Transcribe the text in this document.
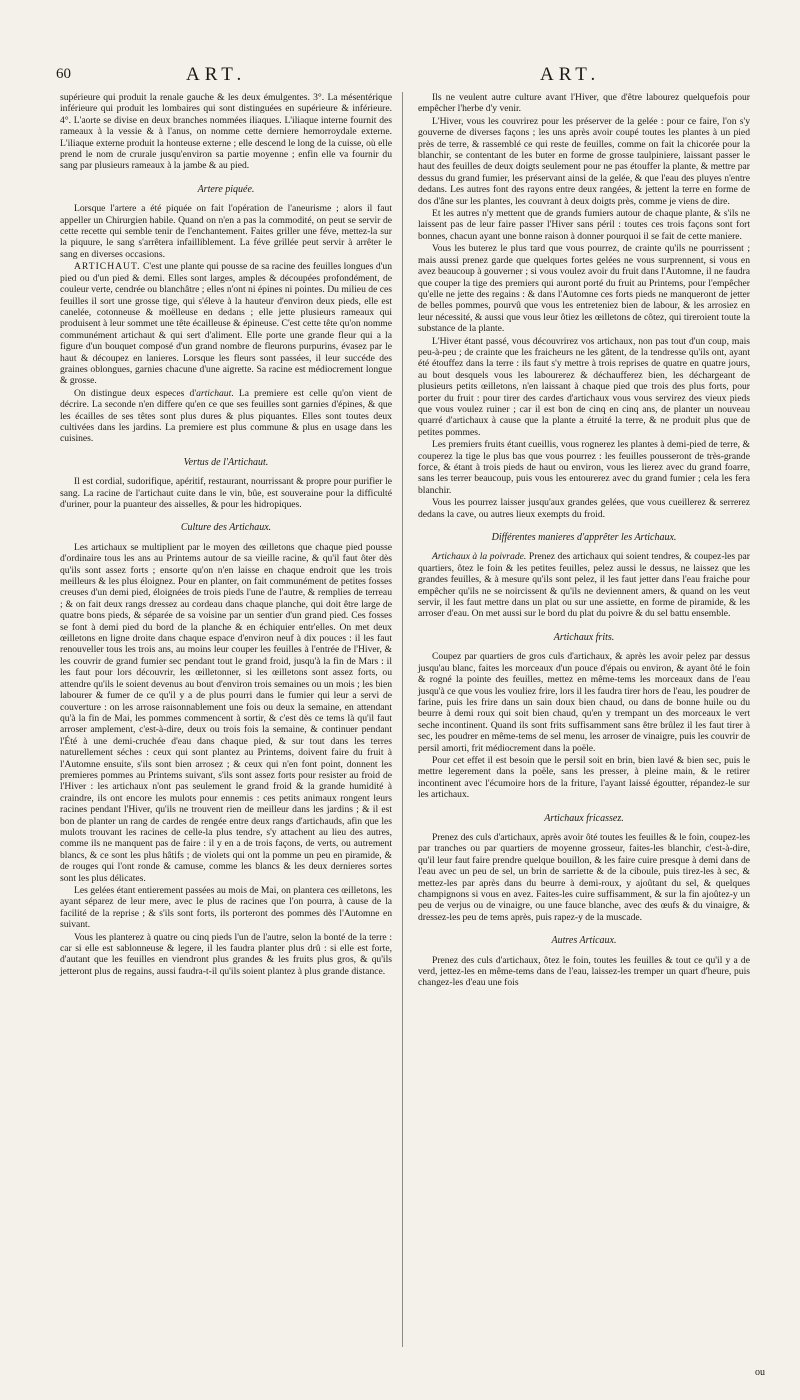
60	ART.	ART.

supérieure qui produit la renale gauche & les deux émulgentes. 3°. La mésentérique inférieure qui produit les lombaires qui sont distinguées en supérieure & inférieure. 4°. L'aorte se divise en deux branches nommées iliaques. L'iliaque interne fournit des rameaux à la vessie & à l'anus, on nomme cette derniere hemorroydale externe. L'iliaque externe produit la honteuse externe ; elle descend le long de la cuisse, où elle prend le nom de crurale jusqu'environ sa partie moyenne ; enfin elle va fournir du sang par plusieurs rameaux à la jambe & au pied.

Artere piquée.

Lorsque l'artere a été piquée on fait l'opération de l'aneurisme ; alors il faut appeller un Chirurgien habile. Quand on n'en a pas la commodité, on peut se servir de cette recette qui semble tenir de l'enchantement. Faites griller une féve, mettez-la sur la piquure, le sang s'arrêtera infailliblement. La féve grillée peut servir à arrêter le sang en diverses occasions.

ARTICHAUT. C'est une plante qui pousse de sa racine des feuilles longues d'un pied ou d'un pied & demi. Elles sont larges, amples & découpées profondément, de couleur verte, cendrée ou blanchâtre ; elles n'ont ni épines ni pointes. Du milieu de ces feuilles il sort une grosse tige, qui s'éleve à la hauteur d'environ deux pieds, elle est canelée, cotonneuse & moëlleuse en dedans ; elle jette plusieurs rameaux qui produisent à leur sommet une tête écailleuse & épineuse. C'est cette tête qu'on nomme communément artichaut & qui sert d'aliment. Elle porte une grande fleur qui a la figure d'un bouquet composé d'un grand nombre de fleurons purpurins, évasez par le haut & découpez en lanieres. Lorsque les fleurs sont passées, il leur succéde des graines oblongues, garnies chacune d'une aigrette. Sa racine est médiocrement longue & grosse.

On distingue deux especes d'artichaut. La premiere est celle qu'on vient de décrire. La seconde n'en differe qu'en ce que ses feuilles sont garnies d'épines, & que les écailles de ses têtes sont plus dures & plus piquantes. Elles sont toutes deux cultivées dans les jardins. La premiere est plus commune & plus en usage dans les cuisines.

Vertus de l'Artichaut.

Il est cordial, sudorifique, apéritif, restaurant, nourrissant & propre pour purifier le sang. La racine de l'artichaut cuite dans le vin, bûe, est souveraine pour la difficulté d'uriner, pour la puanteur des aisselles, & pour les hidropiques.

Culture des Artichaux.

Les artichaux se multiplient par le moyen des œilletons que chaque pied pousse d'ordinaire tous les ans au Printems autour de sa vieille racine, & qu'il faut ôter dès qu'ils sont assez forts ; ensorte qu'on n'en laisse en chaque endroit que les trois meilleurs & les plus éloignez. Pour en planter, on fait communément de petites fosses creuses d'un demi pied, éloignées de trois pieds l'une de l'autre, & remplies de terreau ; & on fait deux rangs dressez au cordeau dans chaque planche, qui doit être large de quatre bons pieds, & séparée de sa voisine par un sentier d'un grand pied. Ces fosses se font à demi pied du bord de la planche & en échiquier entr'elles. On met deux œilletons en ligne droite dans chaque espace d'environ neuf à dix pouces : il les faut renouveller tous les trois ans, au moins leur couper les feuilles à l'entrée de l'Hiver, & les couvrir de grand fumier sec pendant tout le grand froid, jusqu'à la fin de Mars : il les faut pour lors découvrir, les œilletonner, si les œilletons sont assez forts, ou attendre qu'ils le soient devenus au bout d'environ trois semaines ou un mois ; les bien labourer & fumer de ce qu'il y a de plus pourri dans le fumier qui leur a servi de couverture : on les arrose raisonnablement une fois ou deux la semaine, en attendant qu'à la fin de Mai, les pommes commencent à sortir, & c'est dès ce tems là qu'il faut arroser amplement, c'est-à-dire, deux ou trois fois la semaine, & continuer pendant l'Été à une demi-cruchée d'eau dans chaque pied, & sur tout dans les terres naturellement séches : ceux qui sont plantez au Printems, doivent faire du fruit à l'Automne ensuite, s'ils sont bien arrosez ; & ceux qui n'en font point, donnent les premieres pommes au Printems suivant, s'ils sont assez forts pour resister au froid de l'Hiver : les artichaux n'ont pas seulement le grand froid & la grande humidité à craindre, ils ont encore les mulots pour ennemis : ces petits animaux rongent leurs racines pendant l'Hiver, qu'ils ne trouvent rien de meilleur dans les jardins ; & il est bon de planter un rang de cardes de rengée entre deux rangs d'artichauds, afin que les mulots trouvant les racines de celle-la plus tendre, s'y attachent au lieu des autres, comme ils ne manquent pas de faire : il y en a de trois façons, de verts, ou autrement blancs, & ce sont les plus hâtifs ; de violets qui ont la pomme un peu en piramide, & de rouges qui l'ont ronde & camuse, comme les blancs & les deux dernieres sortes sont les plus délicates.

Les gelées étant entierement passées au mois de Mai, on plantera ces œilletons, les ayant séparez de leur mere, avec le plus de racines que l'on pourra, à cause de la facilité de la reprise ; & s'ils sont forts, ils porteront des pommes dès l'Automne en suivant.

Vous les planterez à quatre ou cinq pieds l'un de l'autre, selon la bonté de la terre : car si elle est sablonneuse & legere, il les faudra planter plus drû : si elle est forte, d'autant que les feuilles en viendront plus grandes & les fruits plus gros, & qu'ils jetteront plus de regains, aussi faudra-t-il qu'ils soient plantez à plus grande distance.

Ils ne veulent autre culture avant l'Hiver, que d'être labourez quelquefois pour empêcher l'herbe d'y venir.

L'Hiver, vous les couvrirez pour les préserver de la gelée : pour ce faire, l'on s'y gouverne de diverses façons ; les uns après avoir coupé toutes les plantes à un pied près de terre, & rassemblé ce qui reste de feuilles, comme on fait la chicorée pour la blanchir, se contentant de les buter en forme de grosse taulpiniere, laissant passer le haut des feuilles de deux doigts seulement pour ne pas étouffer la plante, & mettre par dessus du grand fumier, les préservant ainsi de la gelée, & que l'eau des pluyes n'entre dedans. Les autres font des rayons entre deux rangées, & jettent la terre en forme de dos d'âne sur les plantes, les couvrant à deux doigts près, comme je viens de dire.

Et les autres n'y mettent que de grands fumiers autour de chaque plante, & s'ils ne laissent pas de leur faire passer l'Hiver sans péril : toutes ces trois façons sont fort bonnes, chacun ayant une bonne raison à donner pourquoi il se fait de cette maniere.

Vous les buterez le plus tard que vous pourrez, de crainte qu'ils ne pourrissent ; mais aussi prenez garde que quelques fortes gelées ne vous surprennent, si vous en avez beaucoup à gouverner ; si vous voulez avoir du fruit dans l'Automne, il ne faudra que couper la tige des premiers qui auront porté du fruit au Printems, pour l'empêcher qu'elle ne jette des regains : & dans l'Automne ces forts pieds ne manqueront de jetter de belles pommes, pourvû que vous les entreteniez bien de labour, & les arrosiez en leur nécessité, & aussi que vous leur ôtiez les œilletons de côtez, qui tireroient toute la substance de la plante.

L'Hiver étant passé, vous découvrirez vos artichaux, non pas tout d'un coup, mais peu-à-peu ; de crainte que les fraicheurs ne les gâtent, de la tendresse qu'ils ont, ayant été étouffez dans la terre : ils faut s'y mettre à trois reprises de quatre en quatre jours, au bout desquels vous les labourerez & déchaufferez bien, les déchargeant de plusieurs petits œilletons, n'en laissant à chaque pied que trois des plus forts, pour porter du fruit : pour tirer des cardes d'artichaux vous vous servirez des vieux pieds que vous voulez ruiner ; car il est bon de cinq en cinq ans, de planter un nouveau quarré d'artichaux à cause que la plante a étruité la terre, & ne produit plus que de petites pommes.

Les premiers fruits étant cueillis, vous rognerez les plantes à demi-pied de terre, & couperez la tige le plus bas que vous pourrez : les feuilles pousseront de très-grande force, & étant à trois pieds de haut ou environ, vous les lierez avec du grand foarre, sans les terrer beaucoup, puis vous les entourerez avec du grand fumier ; cela les fera blanchir.

Vous les pourrez laisser jusqu'aux grandes gelées, que vous cueillerez & serrerez dedans la cave, ou autres lieux exempts du froid.

Différentes manieres d'apprêter les Artichaux.

Artichaux à la poivrade. Prenez des artichaux qui soient tendres, & coupez-les par quartiers, ôtez le foin & les petites feuilles, pelez aussi le dessus, ne laissez que les grandes feuilles, & à mesure qu'ils sont pelez, il les faut jetter dans l'eau fraiche pour empêcher qu'ils ne se noircissent & qu'ils ne deviennent amers, & quand on les veut servir, il les faut mettre dans un plat ou sur une assiette, en forme de piramide, & les arroser d'eau. On met aussi sur le bord du plat du poivre & du sel battu ensemble.

Artichaux frits.

Coupez par quartiers de gros culs d'artichaux, & après les avoir pelez par dessus jusqu'au blanc, faites les morceaux d'un pouce d'épais ou environ, & ayant ôté le foin & rogné la pointe des feuilles, mettez en même-tems les morceaux dans de l'eau jusqu'à ce que vous les vouliez frire, lors il les faudra tirer hors de l'eau, les poudrer de farine, puis les frire dans un sain doux bien chaud, ou dans de bonne huile ou du beurre à demi roux qui soit bien chaud, qu'en y trempant un des morceaux le vert seche incontinent. Quand ils sont frits suffisamment sans être brûlez il les faut tirer à sec, les poudrer en même-tems de sel menu, les arroser de vinaigre, puis les couvrir de persil amorti, frit médiocrement dans la poële.

Pour cet effet il est besoin que le persil soit en brin, bien lavé & bien sec, puis le mettre legerement dans la poële, sans les presser, à pleine main, & le retirer incontinent avec l'écumoire hors de la friture, l'ayant laissé égoutter, répandez-le sur les artichaux.

Artichaux fricassez.

Prenez des culs d'artichaux, après avoir ôté toutes les feuilles & le foin, coupez-les par tranches ou par quartiers de moyenne grosseur, faites-les blanchir, c'est-à-dire, qu'il leur faut faire prendre quelque bouillon, & les faire cuire presque à demi dans de l'eau avec un peu de sel, un brin de sarriette & de la ciboule, puis tirez-les à sec, & mettez-les par après dans du beurre à demi-roux, y ajoûtant du sel, & quelques champignons si vous en avez. Faites-les cuire suffisamment, & sur la fin ajoûtez-y un peu de verjus ou de vinaigre, ou une fauce blanche, avec des œufs & du vinaigre, & dressez-les peu de tems après, puis rapez-y de la muscade.

Autres Articaux.

Prenez des culs d'artichaux, ôtez le foin, toutes les feuilles & tout ce qu'il y a de verd, jettez-les en même-tems dans de l'eau, laissez-les tremper un quart d'heure, puis changez-les d'eau une fois

ou
